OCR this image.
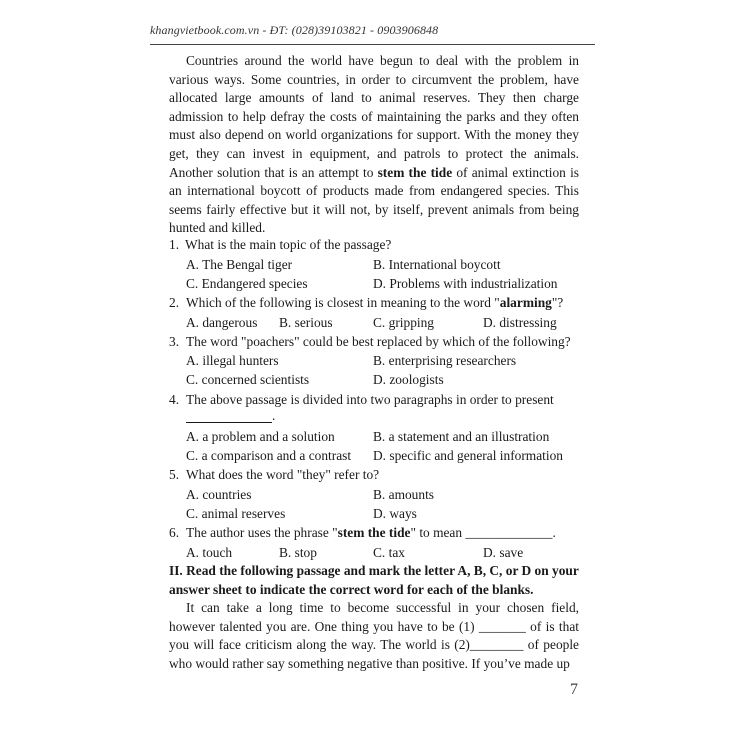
khangvietbook.com.vn - ĐT: (028)39103821 - 0903906848

Countries around the world have begun to deal with the problem in various ways. Some countries, in order to circumvent the problem, have allocated large amounts of land to animal reserves. They then charge admission to help defray the costs of maintaining the parks and they often must also depend on world organizations for support. With the money they get, they can invest in equipment, and patrols to protect the animals. Another solution that is an attempt to stem the tide of animal extinction is an international boycott of products made from endangered species. This seems fairly effective but it will not, by itself, prevent animals from being hunted and killed.

1. What is the main topic of the passage?
A. The Bengal tiger	B. International boycott
C. Endangered species	D. Problems with industrialization
2. Which of the following is closest in meaning to the word "alarming"?
A. dangerous B. serious	C. gripping	D. distressing
3. The word "poachers" could be best replaced by which of the following?
A. illegal hunters	B. enterprising researchers
C. concerned scientists	D. zoologists
4. The above passage is divided into two paragraphs in order to present
.
A. a problem and a solution	B. a statement and an illustration
C. a comparison and a contrast D. specific and general information
5. What does the word "they" refer to?
A. countries	B. amounts
C. animal reserves	D. ways
6. The author uses the phrase "stem the tide" to mean _____________.
A. touch	B. stop	C. tax	D. save

II. Read the following passage and mark the letter A, B, C, or D on your answer sheet to indicate the correct word for each of the blanks.

It can take a long time to become successful in your chosen field, however talented you are. One thing you have to be (1) _______ of is that you will face criticism along the way. The world is (2)________ of people who would rather say something negative than positive. If you’ve made up

7
